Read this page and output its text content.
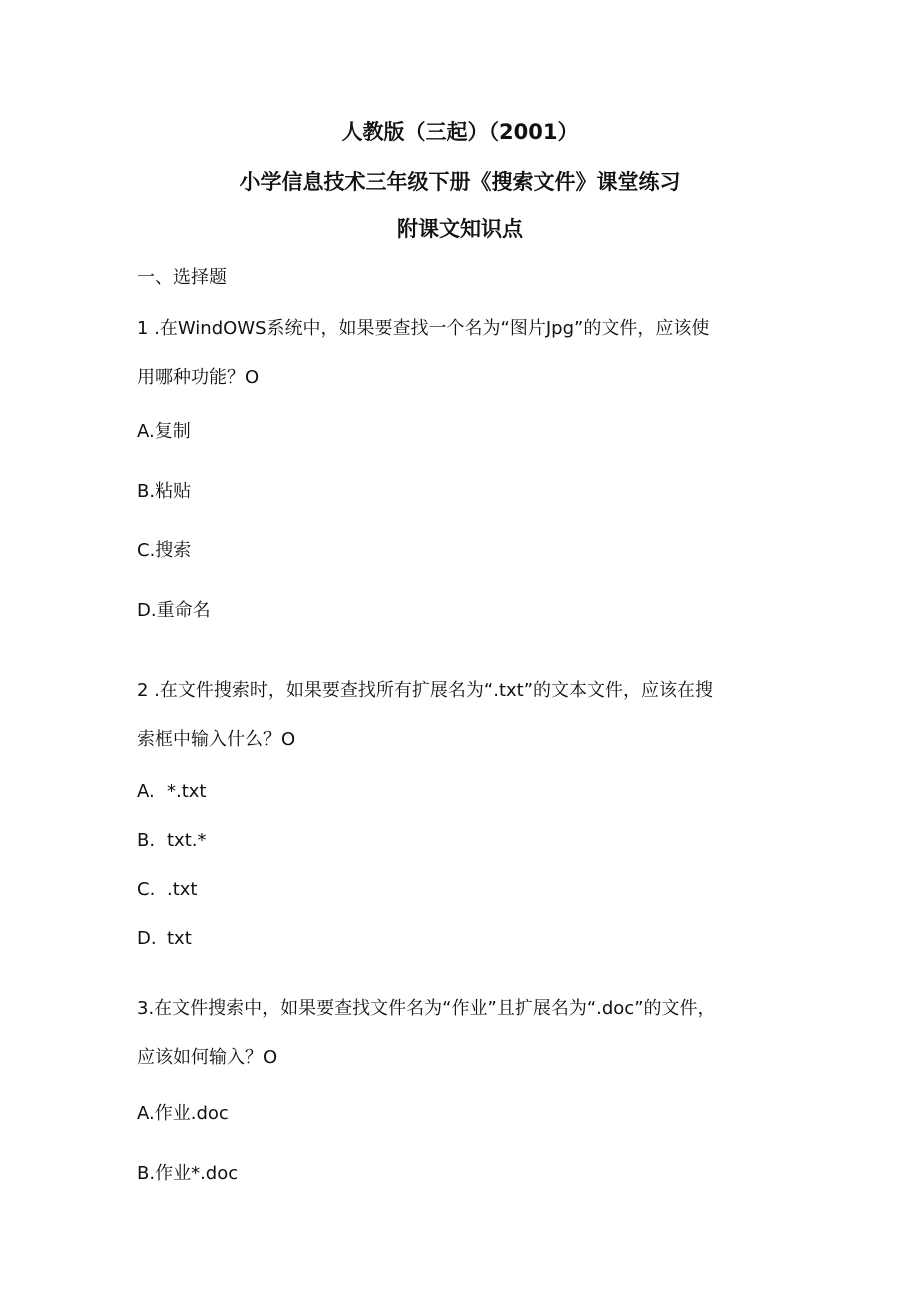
人教版（三起）（2001）
小学信息技术三年级下册《搜索文件》课堂练习
附课文知识点
一、选择题
1 .在WindOWS系统中，如果要查找一个名为“图片Jpg”的文件，应该使
用哪种功能？O
A.复制
B.粘贴
C.搜索
D.重命名
2 .在文件搜索时，如果要查找所有扩展名为“.txt”的文本文件，应该在搜
索框中输入什么？O
A. *.txt
B. txt.*
C. .txt
D. txt
3.在文件搜索中，如果要查找文件名为“作业”且扩展名为“.doc”的文件，
应该如何输入？O
A.作业.doc
B.作业*.doc
